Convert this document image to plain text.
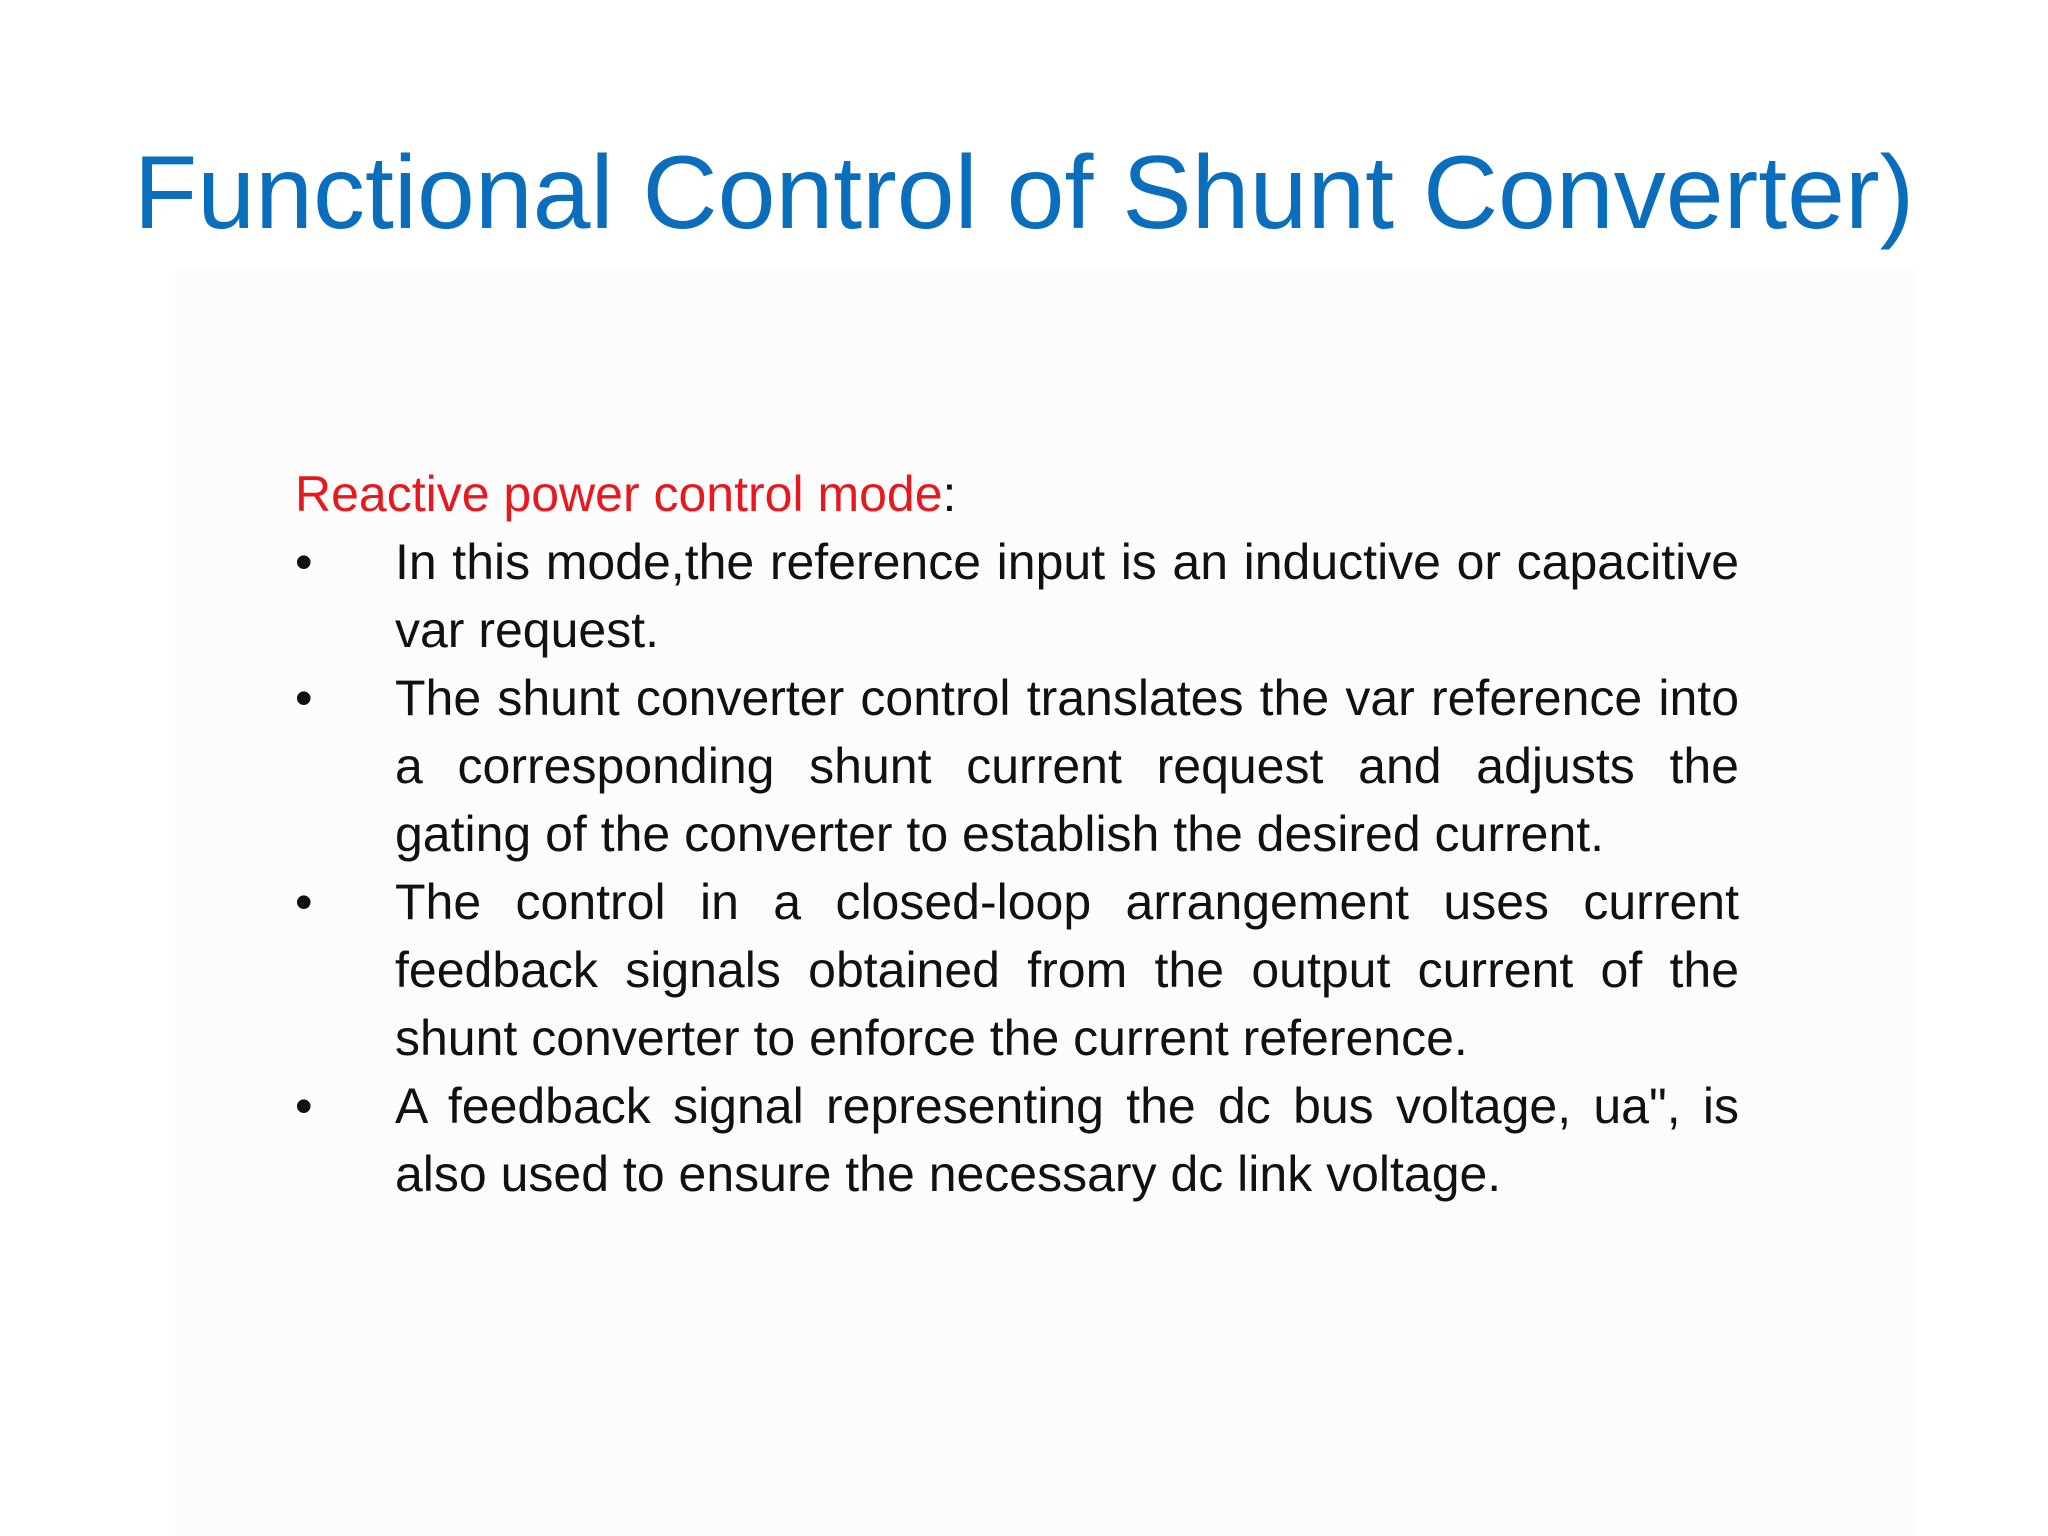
Functional Control of Shunt Converter)

Reactive power control mode:

•	In this mode,the reference input is an inductive or capacitive var request.
•	The shunt converter control translates the var reference into a corresponding shunt current request and adjusts the gating of the converter to establish the desired current.
•	The control in a closed-loop arrangement uses current feedback signals obtained from the output current of the shunt converter to enforce the current reference.
•	A feedback signal representing the dc bus voltage, ua", is also used to ensure the necessary dc link voltage.
